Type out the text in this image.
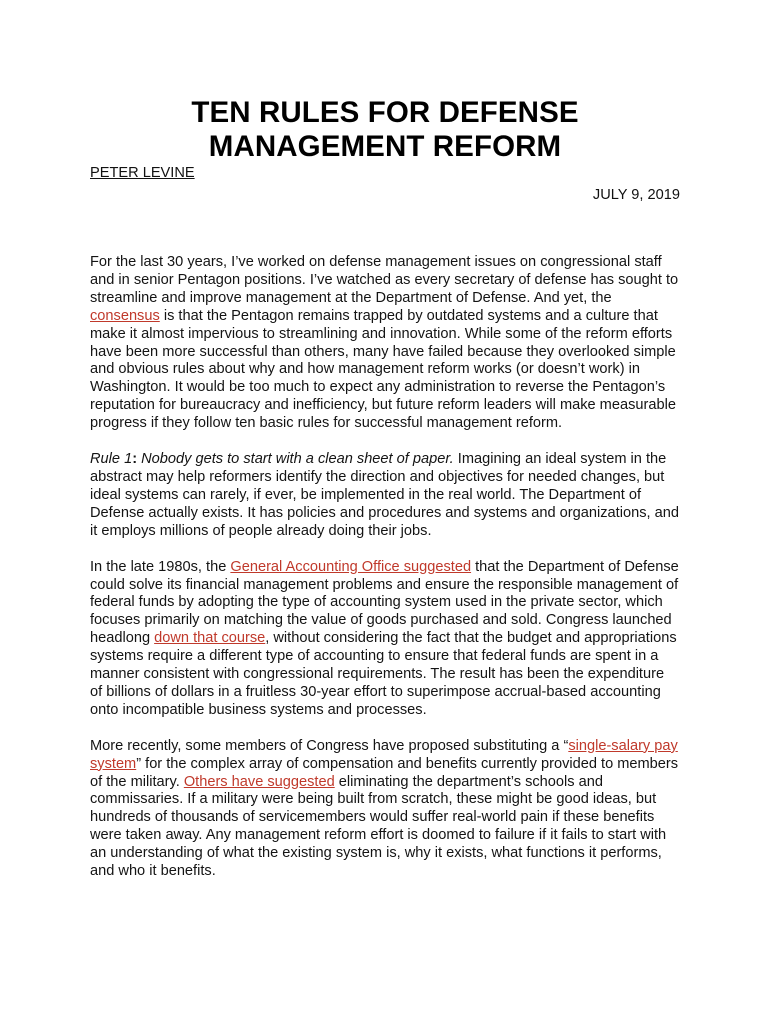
TEN RULES FOR DEFENSE
MANAGEMENT REFORM
PETER LEVINE
JULY 9, 2019

For the last 30 years, I’ve worked on defense management issues on congressional staff and in senior Pentagon positions. I’ve watched as every secretary of defense has sought to streamline and improve management at the Department of Defense. And yet, the consensus is that the Pentagon remains trapped by outdated systems and a culture that make it almost impervious to streamlining and innovation. While some of the reform efforts have been more successful than others, many have failed because they overlooked simple and obvious rules about why and how management reform works (or doesn’t work) in Washington. It would be too much to expect any administration to reverse the Pentagon’s reputation for bureaucracy and inefficiency, but future reform leaders will make measurable progress if they follow ten basic rules for successful management reform.

Rule 1: Nobody gets to start with a clean sheet of paper. Imagining an ideal system in the abstract may help reformers identify the direction and objectives for needed changes, but ideal systems can rarely, if ever, be implemented in the real world. The Department of Defense actually exists. It has policies and procedures and systems and organizations, and it employs millions of people already doing their jobs.

In the late 1980s, the General Accounting Office suggested that the Department of Defense could solve its financial management problems and ensure the responsible management of federal funds by adopting the type of accounting system used in the private sector, which focuses primarily on matching the value of goods purchased and sold. Congress launched headlong down that course, without considering the fact that the budget and appropriations systems require a different type of accounting to ensure that federal funds are spent in a manner consistent with congressional requirements. The result has been the expenditure of billions of dollars in a fruitless 30-year effort to superimpose accrual-based accounting onto incompatible business systems and processes.

More recently, some members of Congress have proposed substituting a “single-salary pay system” for the complex array of compensation and benefits currently provided to members of the military. Others have suggested eliminating the department’s schools and commissaries. If a military were being built from scratch, these might be good ideas, but hundreds of thousands of servicemembers would suffer real-world pain if these benefits were taken away. Any management reform effort is doomed to failure if it fails to start with an understanding of what the existing system is, why it exists, what functions it performs, and who it benefits.
